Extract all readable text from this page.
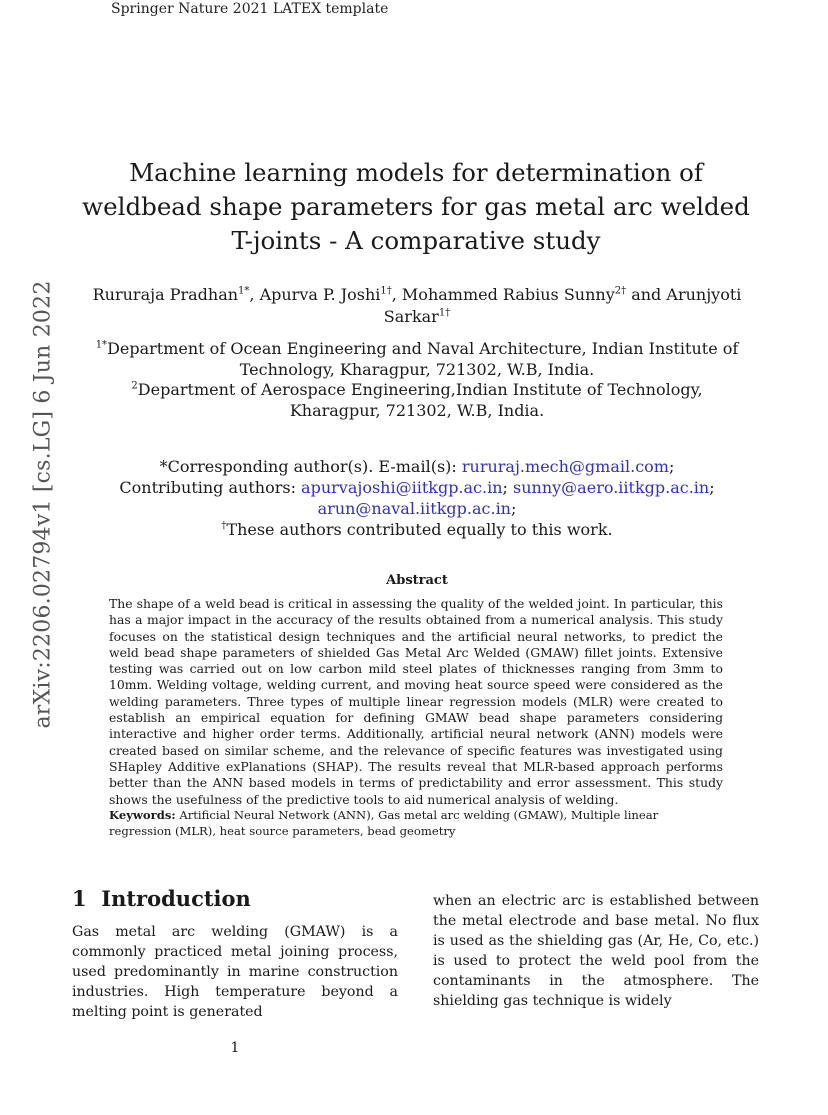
Springer Nature 2021 LATEX template
arXiv:2206.02794v1 [cs.LG] 6 Jun 2022
Machine learning models for determination of weldbead shape parameters for gas metal arc welded T-joints - A comparative study
Rururaja Pradhan$^{1*}$, Apurva P. Joshi$^{1\dagger}$, Mohammed Rabius Sunny$^{2\dagger}$ and Arunjyoti Sarkar$^{1\dagger}$
$^{1*}$Department of Ocean Engineering and Naval Architecture, Indian Institute of Technology, Kharagpur, 721302, W.B, India.
$^2$Department of Aerospace Engineering,Indian Institute of Technology, Kharagpur, 721302, W.B, India.
*Corresponding author(s). E-mail(s): rururaj.mech@gmail.com;
Contributing authors: apurvajoshi@iitkgp.ac.in; sunny@aero.iitkgp.ac.in;
arun@naval.iitkgp.ac.in;
†These authors contributed equally to this work.
Abstract
The shape of a weld bead is critical in assessing the quality of the welded joint. In particular, this has a major impact in the accuracy of the results obtained from a numerical analysis. This study focuses on the statistical design techniques and the artificial neural networks, to predict the weld bead shape parameters of shielded Gas Metal Arc Welded (GMAW) fillet joints. Extensive testing was carried out on low carbon mild steel plates of thicknesses ranging from 3mm to 10mm. Welding voltage, welding current, and moving heat source speed were considered as the welding parameters. Three types of multiple linear regression models (MLR) were created to establish an empirical equation for defining GMAW bead shape parameters considering interactive and higher order terms. Additionally, artificial neural network (ANN) models were created based on similar scheme, and the relevance of specific features was investigated using SHapley Additive exPlanations (SHAP). The results reveal that MLR-based approach performs better than the ANN based models in terms of predictability and error assessment. This study shows the usefulness of the predictive tools to aid numerical analysis of welding.
Keywords: Artificial Neural Network (ANN), Gas metal arc welding (GMAW), Multiple linear regression (MLR), heat source parameters, bead geometry
1 Introduction
Gas metal arc welding (GMAW) is a commonly practiced metal joining process, used predominantly in marine construction industries. High temperature beyond a melting point is generated
when an electric arc is established between the metal electrode and base metal. No flux is used as the shielding gas (Ar, He, Co, etc.) is used to protect the weld pool from the contaminants in the atmosphere. The shielding gas technique is widely
1
